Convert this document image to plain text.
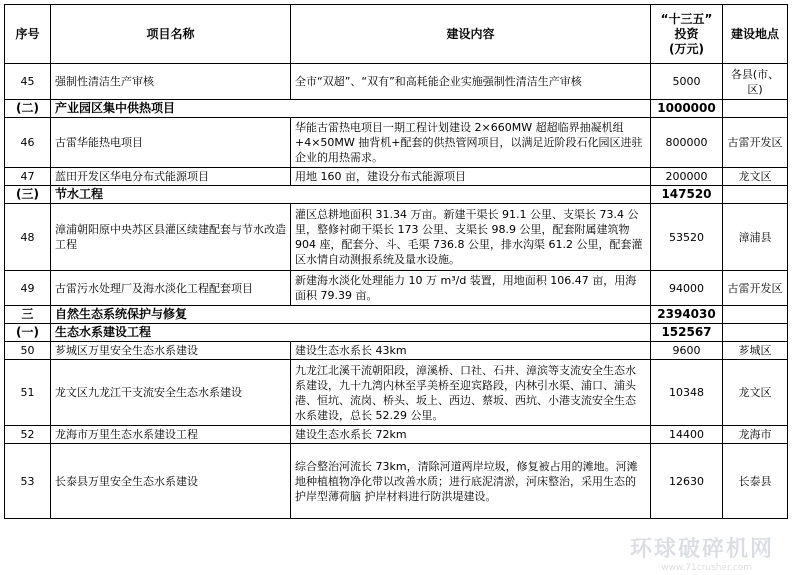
序号	项目名称	建设内容	“十三五”
投资
(万元)	建设地点
45	强制性清洁生产审核	全市“双超”、“双有”和高耗能企业实施强制性清洁生产审核	5000	各县(市、区)
(二)	产业园区集中供热项目		1000000	
46	古雷华能热电项目	华能古雷热电项目一期工程计划建设 2×660MW 超超临界抽凝机组+4×50MW 抽背机+配套的供热管网项目，以满足近阶段石化园区进驻企业的用热需求。	800000	古雷开发区
47	蓝田开发区华电分布式能源项目	用地 160 亩，建设分布式能源项目	200000	龙文区
(三)	节水工程		147520	
48	漳浦朝阳原中央苏区县灌区续建配套与节水改造工程	灌区总耕地面积 31.34 万亩。新建干渠长 91.1 公里、支渠长 73.4 公里，整修衬砌干渠长 173 公里、支渠长 98.9 公里，配套附属建筑物 904 座，配套分、斗、毛渠 736.8 公里，排水沟渠 61.2 公里，配套灌区水情自动测报系统及量水设施。	53520	漳浦县
49	古雷污水处理厂及海水淡化工程配套项目	新建海水淡化处理能力 10 万 m³/d 装置，用地面积 106.47 亩，用海面积 79.39 亩。	94000	古雷开发区
三	自然生态系统保护与修复		2394030	
(一)	生态水系建设工程		152567	
50	芗城区万里安全生态水系建设	建设生态水系长 43km	9600	芗城区
51	龙文区九龙江干支流安全生态水系建设	九龙江北溪干流朝阳段，漳溪桥、口社、石井、漳滨等支流安全生态水系建设，九十九湾内林至孚美桥至迎宾路段，内林引水渠、浦口、浦头港、恒坑、流岗、桥头、坂上、西边、蔡坂、西坑、小港支流安全生态水系建设，总长 52.29 公里。	10348	龙文区
52	龙海市万里生态水系建设工程	建设生态水系长 72km	14400	龙海市
53	长泰县万里安全生态水系建设	综合整治河流长 73km，清除河道两岸垃圾，修复被占用的滩地。河滩地种植植物净化带以改善水质；进行底泥清淤，河床整治，采用生态的护岸型薄荷脑 护岸材料进行防洪堤建设。	12630	长泰县
环球破碎机网
www.71crusher.com
